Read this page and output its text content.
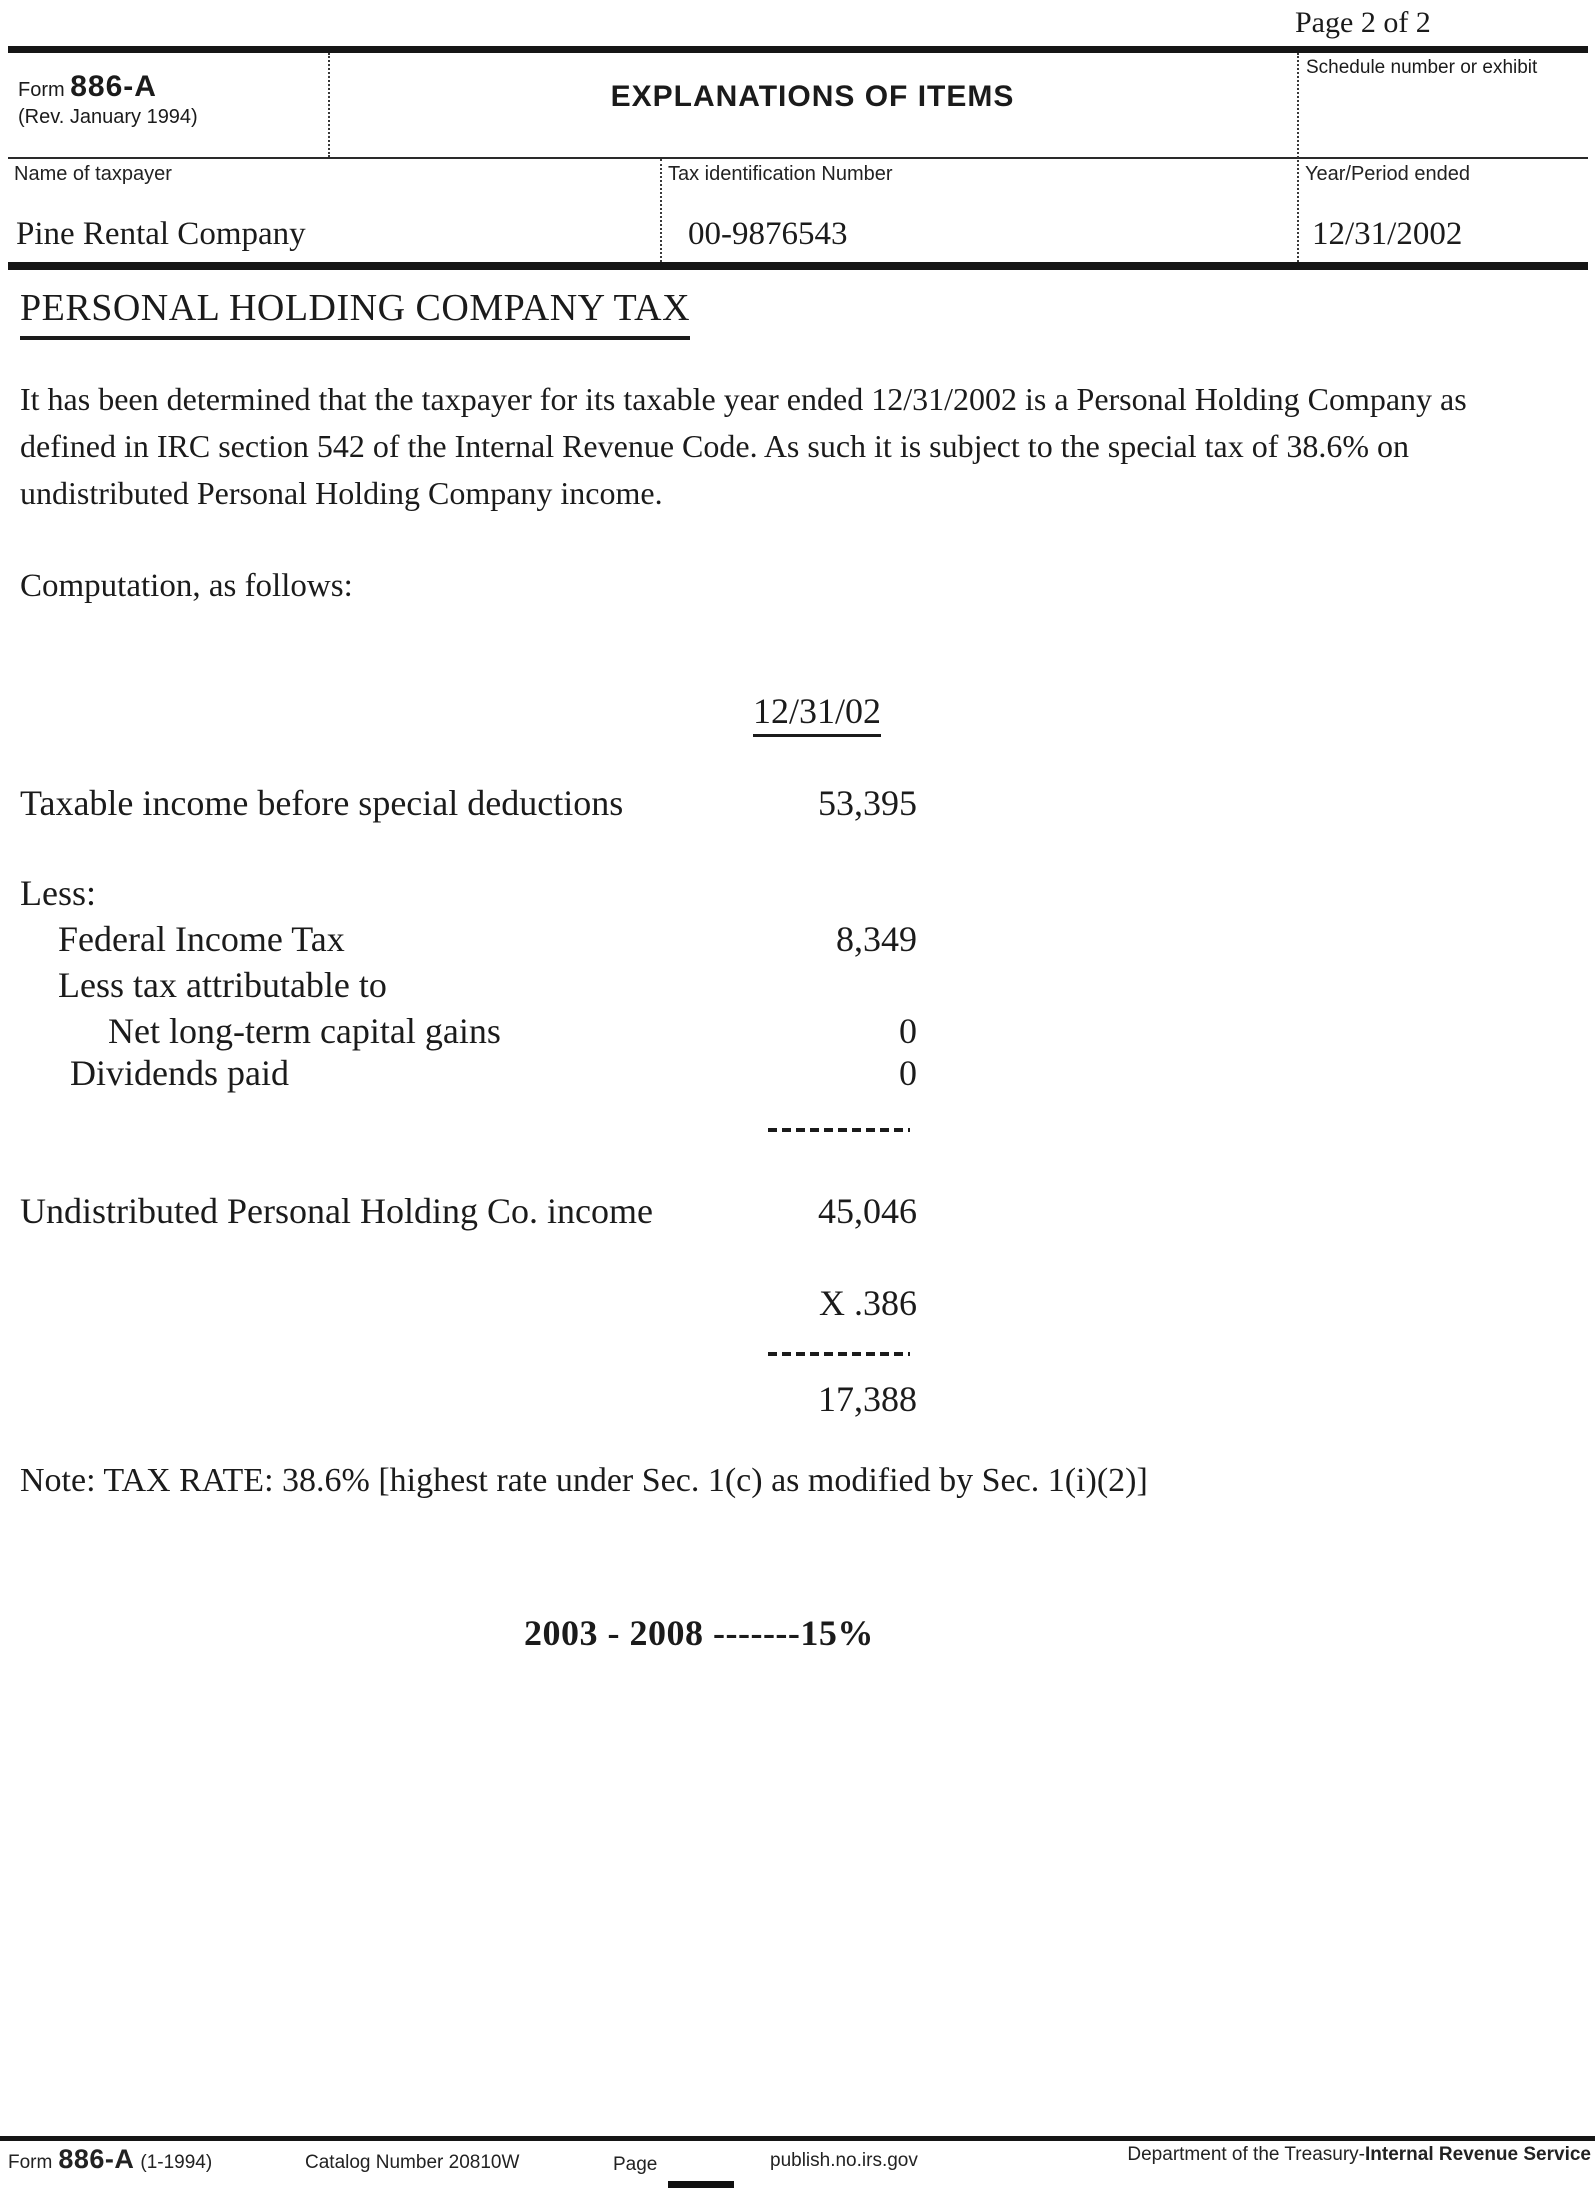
Page 2 of 2
Form 886-A
(Rev. January 1994)
EXPLANATIONS OF ITEMS
Schedule number or exhibit
Name of taxpayer	Tax identification Number	Year/Period ended
Pine Rental Company	00-9876543	12/31/2002
PERSONAL HOLDING COMPANY TAX
It has been determined that the taxpayer for its taxable year ended 12/31/2002 is a Personal Holding Company as defined in IRC section 542 of the Internal Revenue Code. As such it is subject to the special tax of 38.6% on undistributed Personal Holding Company income.
Computation, as follows:
12/31/02
Taxable income before special deductions	53,395
Less:
Federal Income Tax	8,349
Less tax attributable to
Net long-term capital gains	0
Dividends paid	0
Undistributed Personal Holding Co. income	45,046
X .386
17,388
Note: TAX RATE: 38.6% [highest rate under Sec. 1(c) as modified by Sec. 1(i)(2)]
2003 - 2008 -------15%
Form 886-A (1-1994)	Catalog Number 20810W	Page	publish.no.irs.gov	Department of the Treasury-Internal Revenue Service
